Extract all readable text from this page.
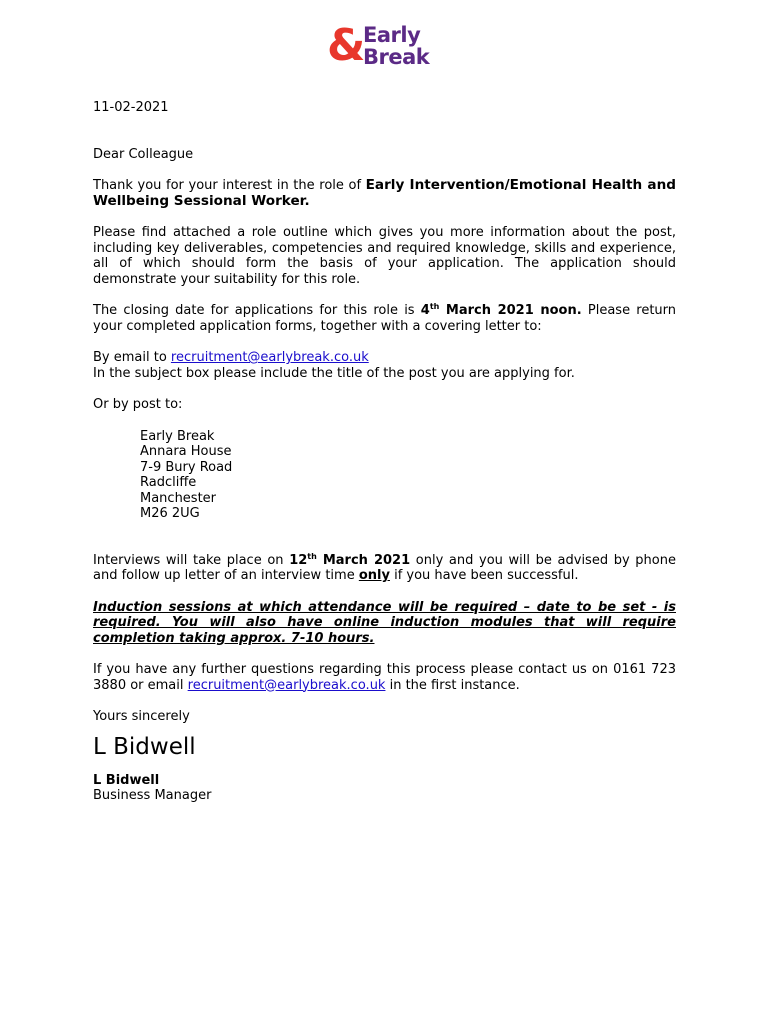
&
Early
Break

11-02-2021

Dear Colleague

Thank you for your interest in the role of Early Intervention/Emotional Health and Wellbeing Sessional Worker.

Please find attached a role outline which gives you more information about the post, including key deliverables, competencies and required knowledge, skills and experience, all of which should form the basis of your application. The application should demonstrate your suitability for this role.

The closing date for applications for this role is 4th March 2021 noon. Please return your completed application forms, together with a covering letter to:

By email to recruitment@earlybreak.co.uk
In the subject box please include the title of the post you are applying for.

Or by post to:

Early Break
Annara House
7-9 Bury Road
Radcliffe
Manchester
M26 2UG

Interviews will take place on 12th March 2021 only and you will be advised by phone and follow up letter of an interview time only if you have been successful.

Induction sessions at which attendance will be required – date to be set - is required. You will also have online induction modules that will require completion taking approx. 7-10 hours.

If you have any further questions regarding this process please contact us on 0161 723 3880 or email recruitment@earlybreak.co.uk in the first instance.

Yours sincerely

L Bidwell

L Bidwell

Business Manager
